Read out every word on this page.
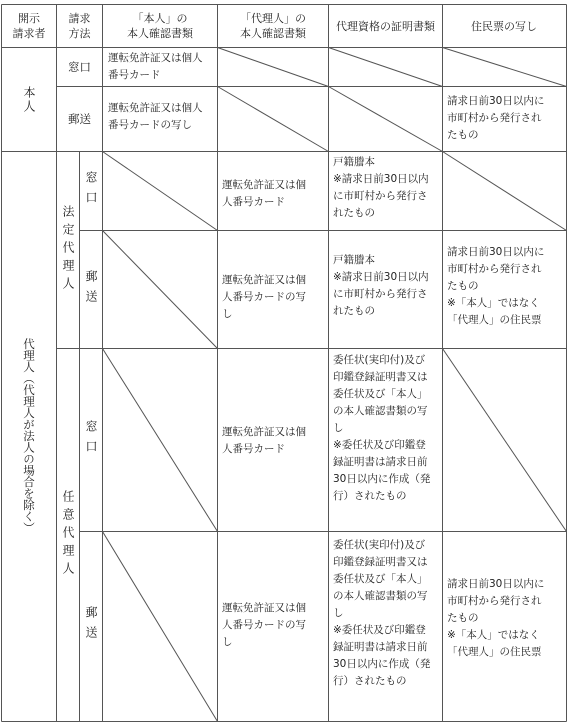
開示
請求者
請求
方法
「本人」の
本人確認書類
「代理人」の
本人確認書類
代理資格の証明書類	住民票の写し
本人
代理人（代理人が法人の場合を除く）
法定代理人
任意代理人
窓口
郵送
窓口
郵送
窓口
郵送
運転免許証又は個人
番号カード
運転免許証又は個人
番号カードの写し
請求日前30日以内に
市町村から発行され
たもの
運転免許証又は個
人番号カード
戸籍謄本
※請求日前30日以内
に市町村から発行さ
れたもの
運転免許証又は個
人番号カードの写
し
戸籍謄本
※請求日前30日以内
に市町村から発行さ
れたもの
請求日前30日以内に
市町村から発行され
たもの
※「本人」ではなく
「代理人」の住民票
運転免許証又は個
人番号カード
委任状(実印付)及び
印鑑登録証明書又は
委任状及び「本人」
の本人確認書類の写
し
※委任状及び印鑑登
録証明書は請求日前
30日以内に作成（発
行）されたもの
運転免許証又は個
人番号カードの写
し
委任状(実印付)及び
印鑑登録証明書又は
委任状及び「本人」
の本人確認書類の写
し
※委任状及び印鑑登
録証明書は請求日前
30日以内に作成（発
行）されたもの
請求日前30日以内に
市町村から発行され
たもの
※「本人」ではなく
「代理人」の住民票
